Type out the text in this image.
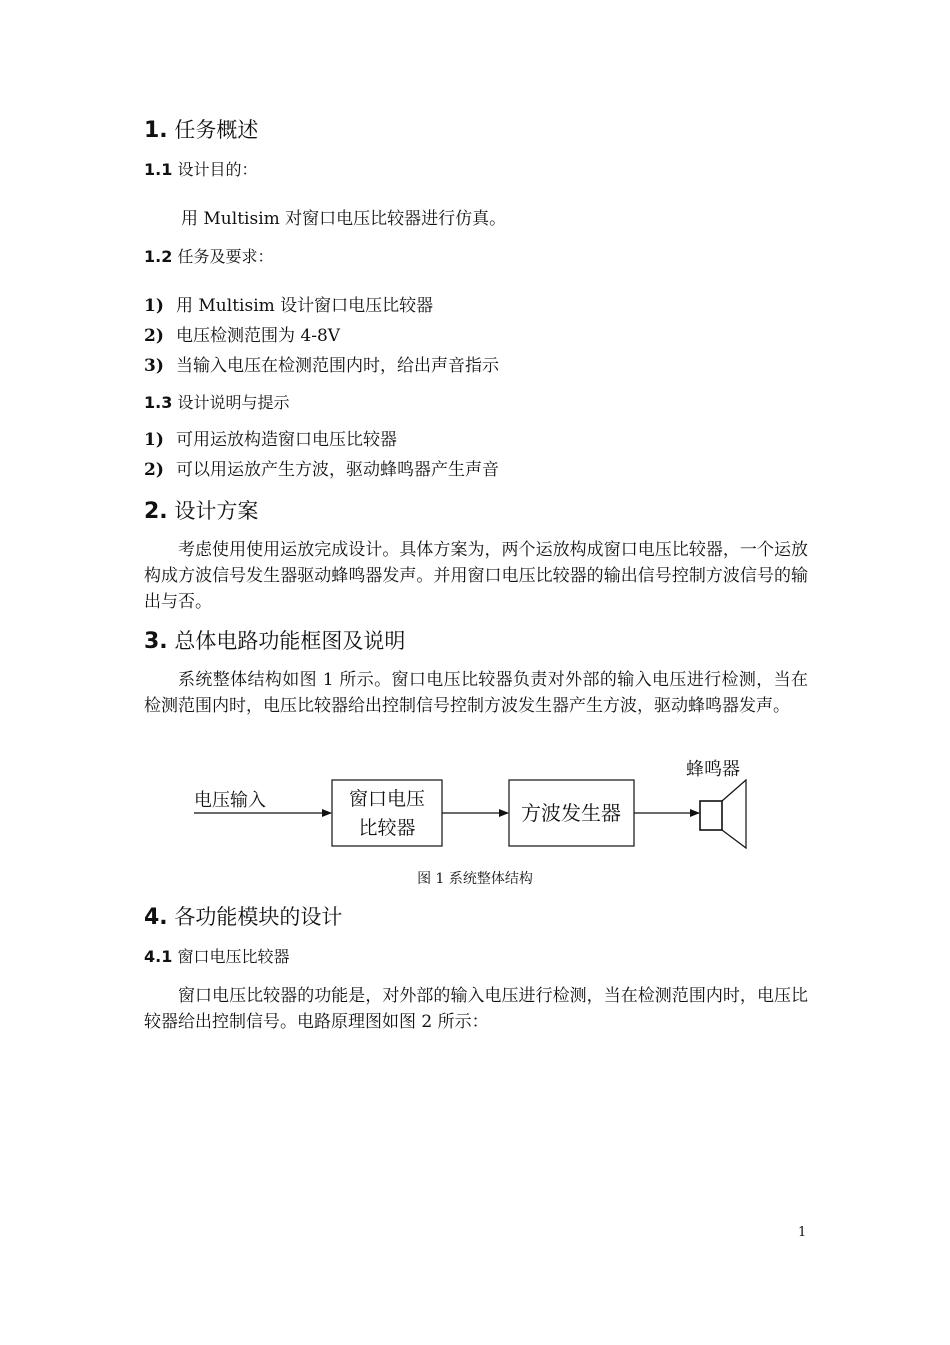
1. 任务概述
1.1 设计目的：
用 Multisim 对窗口电压比较器进行仿真。
1.2 任务及要求：
1) 用 Multisim 设计窗口电压比较器
2) 电压检测范围为 4-8V
3) 当输入电压在检测范围内时，给出声音指示
1.3 设计说明与提示
1) 可用运放构造窗口电压比较器
2) 可以用运放产生方波，驱动蜂鸣器产生声音
2. 设计方案
考虑使用使用运放完成设计。具体方案为，两个运放构成窗口电压比较器，一个运放构成方波信号发生器驱动蜂鸣器发声。并用窗口电压比较器的输出信号控制方波信号的输出与否。
3. 总体电路功能框图及说明
系统整体结构如图 1 所示。窗口电压比较器负责对外部的输入电压进行检测，当在检测范围内时，电压比较器给出控制信号控制方波发生器产生方波，驱动蜂鸣器发声。
电压输入	窗口电压
比较器
方波发生器
蜂鸣器
图 1 系统整体结构
4. 各功能模块的设计
4.1 窗口电压比较器
窗口电压比较器的功能是，对外部的输入电压进行检测，当在检测范围内时，电压比较器给出控制信号。电路原理图如图 2 所示：
1
